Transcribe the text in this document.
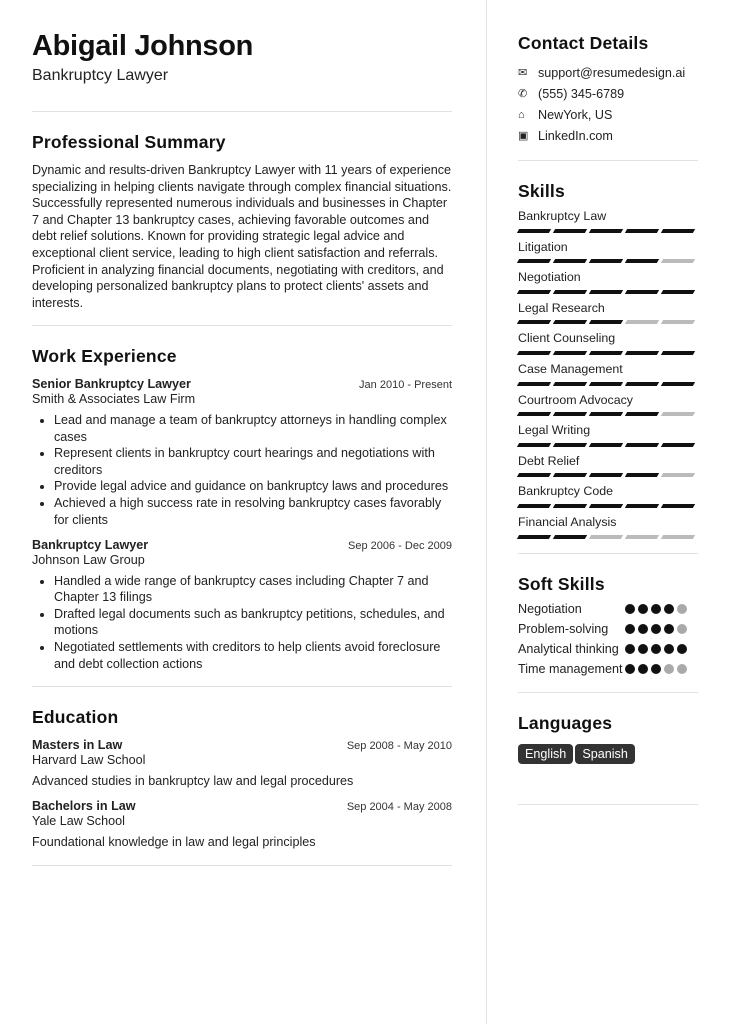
Abigail Johnson
Bankruptcy Lawyer
Professional Summary

Dynamic and results-driven Bankruptcy Lawyer with 11 years of experience specializing in helping clients navigate through complex financial situations. Successfully represented numerous individuals and businesses in Chapter 7 and Chapter 13 bankruptcy cases, achieving favorable outcomes and debt relief solutions. Known for providing strategic legal advice and exceptional client service, leading to high client satisfaction and referrals. Proficient in analyzing financial documents, negotiating with creditors, and developing personalized bankruptcy plans to protect clients' assets and interests.

Work Experience
Senior Bankruptcy Lawyer	Jan 2010 - Present
Smith & Associates Law Firm
• Lead and manage a team of bankruptcy attorneys in handling complex cases
• Represent clients in bankruptcy court hearings and negotiations with creditors
• Provide legal advice and guidance on bankruptcy laws and procedures
• Achieved a high success rate in resolving bankruptcy cases favorably for clients
Bankruptcy Lawyer	Sep 2006 - Dec 2009
Johnson Law Group
• Handled a wide range of bankruptcy cases including Chapter 7 and Chapter 13 filings
• Drafted legal documents such as bankruptcy petitions, schedules, and motions
• Negotiated settlements with creditors to help clients avoid foreclosure and debt collection actions
Education
Masters in Law	Sep 2008 - May 2010
Harvard Law School
Advanced studies in bankruptcy law and legal procedures
Bachelors in Law	Sep 2004 - May 2008
Yale Law School
Foundational knowledge in law and legal principles
Contact Details
✉ support@resumedesign.ai
✆ (555) 345-6789
⌂	NewYork, US
▣ LinkedIn.com
Skills
Bankruptcy Law
Litigation
Negotiation
Legal Research
Client Counseling
Case Management
Courtroom Advocacy
Legal Writing
Debt Relief
Bankruptcy Code
Financial Analysis
Soft Skills
Negotiation
Problem-solving
Analytical thinking
Time management
Languages
English Spanish
